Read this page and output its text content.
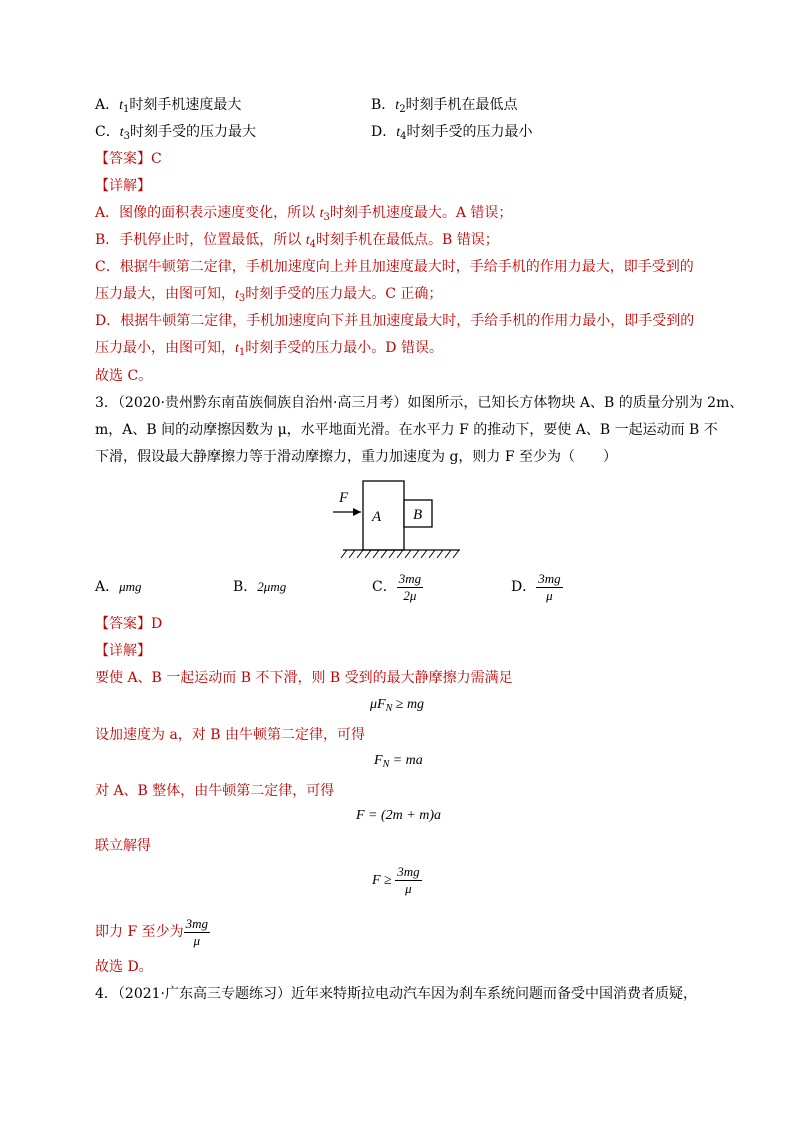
A．$t_1$时刻手机速度最大	B．$t_2$时刻手机在最低点
C．$t_3$时刻手受的压力最大	D．$t_4$时刻手受的压力最小
【答案】C
【详解】
A．图像的面积表示速度变化，所以 $t_3$时刻手机速度最大。A 错误；
B．手机停止时，位置最低，所以 $t_4$时刻手机在最低点。B 错误；
C．根据牛顿第二定律，手机加速度向上并且加速度最大时，手给手机的作用力最大，即手受到的
压力最大，由图可知，$t_3$时刻手受的压力最大。C 正确；
D．根据牛顿第二定律，手机加速度向下并且加速度最大时，手给手机的作用力最小，即手受到的
压力最小，由图可知，$t_1$时刻手受的压力最小。D 错误。
故选 C。
3．（2020·贵州黔东南苗族侗族自治州·高三月考）如图所示，已知长方体物块 A、B 的质量分别为 2m、
m，A、B 间的动摩擦因数为 μ，水平地面光滑。在水平力 F 的推动下，要使 A、B 一起运动而 B 不
下滑，假设最大静摩擦力等于滑动摩擦力，重力加速度为 g，则力 F 至少为（　　）
F
A B
A．μmg	B．2μmg	C． $\frac{3mg}{2\mu}$	D． $\frac{3mg}{\mu}$
【答案】D
【详解】
要使 A、B 一起运动而 B 不下滑，则 B 受到的最大静摩擦力需满足
$\mu F_N$ ≥ mg
设加速度为 a，对 B 由牛顿第二定律，可得
$F_N$ = ma
对 A、B 整体，由牛顿第二定律，可得
F = (2m + m)a
联立解得
$F \ge \frac{3mg}{\mu}$
即力 F 至少为 $\frac{3mg}{\mu}$
故选 D。
4．（2021·广东高三专题练习）近年来特斯拉电动汽车因为刹车系统问题而备受中国消费者质疑，
